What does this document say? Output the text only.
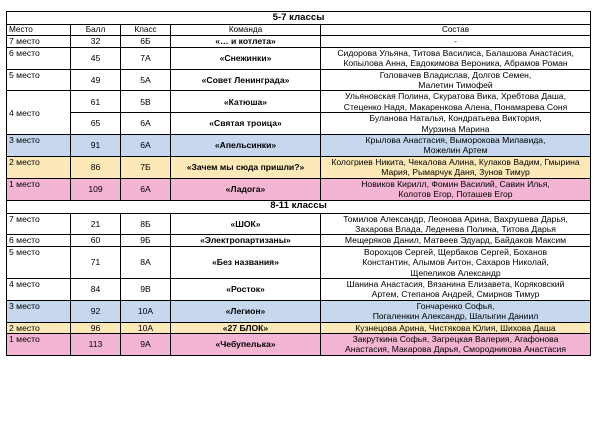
5-7 классы				
Место	Балл	Класс	Команда	Состав
7 место	32	6Б	«… и котлета»	-
6 место	45	7А	«Снежинки»	Сидорова Ульяна, Титова Василиса, Балашова Анастасия,
Копылова Анна, Евдокимова Вероника, Абрамов Роман
5 место	49	5А	«Совет Ленинграда»	Головачев Владислав, Долгов Семен,
Малетин Тимофей
4 место	61	5В	«Катюша»	Ульяновская Полина, Скуратова Вика, Хребтова Даша,
Стеценко Надя, Макаренкова Алена, Понамарева Соня
	65	6А	«Святая троица»	Буланова Наталья, Кондратьева Виктория,
Мурзина Марина
3 место	91	6А	«Апельсинки»	Крылова Анастасия, Выморокова Милавида,
Можелин Артем
2 место	86	7Б	«Зачем мы сюда пришли?»	Кологриев Никита, Чекалова Алина, Кулаков Вадим, Гмырина
Мария, Рымарчук Даня, Зунов Тимур
1 место	109	6А	«Ладога»	Новиков Кирилл, Фомин Василий, Савин Илья,
Колотов Егор, Поташев Егор
8-11 классы				
7 место	21	8Б	«ШОК»	Томилов Александр, Леонова Арина, Вахрушева Дарья,
Захарова Влада, Леденева Полина, Титова Дарья
6 место	60	9Б	«Электропартизаны»	Мещеряков Данил, Матвеев Эдуард, Байдаков Максим
5 место	71	8А	«Без названия»	Ворохцов Сергей, Щербаков Сергей, Боханов
Константин, Алымов Антон, Сахаров Николай,
Щепеликов Александр
4 место	84	9В	«Росток»	Шанина Анастасия, Вязанина Елизавета, Коряковский
Артем, Степанов Андрей, Смирнов Тимур
3 место	92	10А	«Легион»	Гончаренко Софья,
Погаленкин Александр, Шалыгин Даниил
2 место	96	10А	«27 БЛОК»	Кузнецова Арина, Чистякова Юлия, Шихова Даша
1 место	113	9А	«Чебупелька»	Закруткина Софья, Загрецкая Валерия, Агафонова
Анастасия, Макарова Дарья, Смородникова Анастасия
